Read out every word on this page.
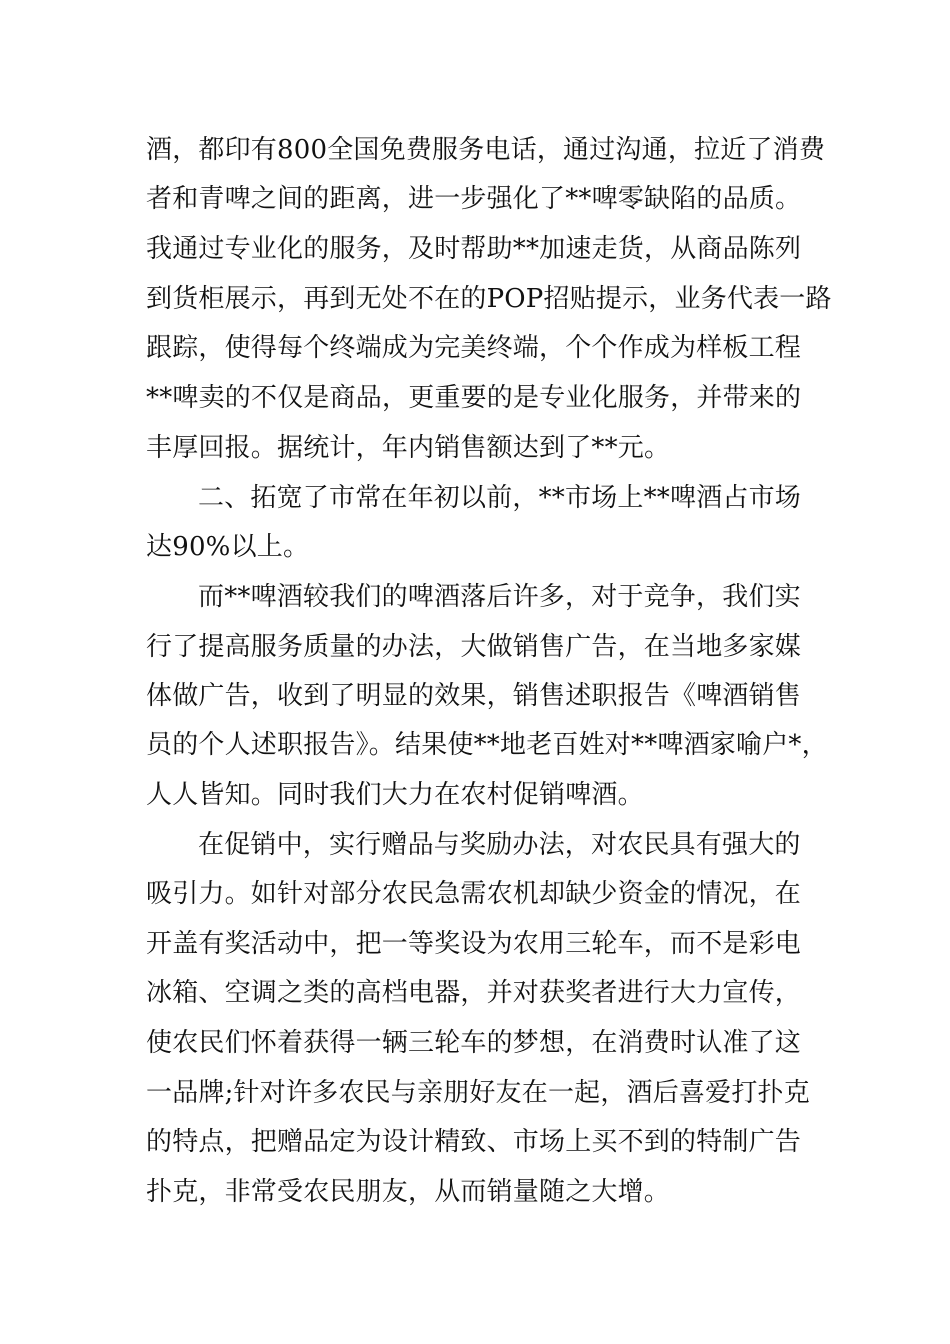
酒，都印有800全国免费服务电话，通过沟通，拉近了消费
者和青啤之间的距离，进一步强化了**啤零缺陷的品质。
我通过专业化的服务，及时帮助**加速走货，从商品陈列
到货柜展示，再到无处不在的POP招贴提示，业务代表一路
跟踪，使得每个终端成为完美终端，个个作成为样板工程
**啤卖的不仅是商品，更重要的是专业化服务，并带来的
丰厚回报。据统计，年内销售额达到了**元。
二、拓宽了市常在年初以前，**市场上**啤酒占市场
达90%以上。
而**啤酒较我们的啤酒落后许多，对于竞争，我们实
行了提高服务质量的办法，大做销售广告，在当地多家媒
体做广告，收到了明显的效果，销售述职报告《啤酒销售
员的个人述职报告》。结果使**地老百姓对**啤酒家喻户*，
人人皆知。同时我们大力在农村促销啤酒。
在促销中，实行赠品与奖励办法，对农民具有强大的
吸引力。如针对部分农民急需农机却缺少资金的情况，在
开盖有奖活动中，把一等奖设为农用三轮车，而不是彩电
冰箱、空调之类的高档电器，并对获奖者进行大力宣传，
使农民们怀着获得一辆三轮车的梦想，在消费时认准了这
一品牌;针对许多农民与亲朋好友在一起，酒后喜爱打扑克
的特点，把赠品定为设计精致、市场上买不到的特制广告
扑克，非常受农民朋友，从而销量随之大增。
